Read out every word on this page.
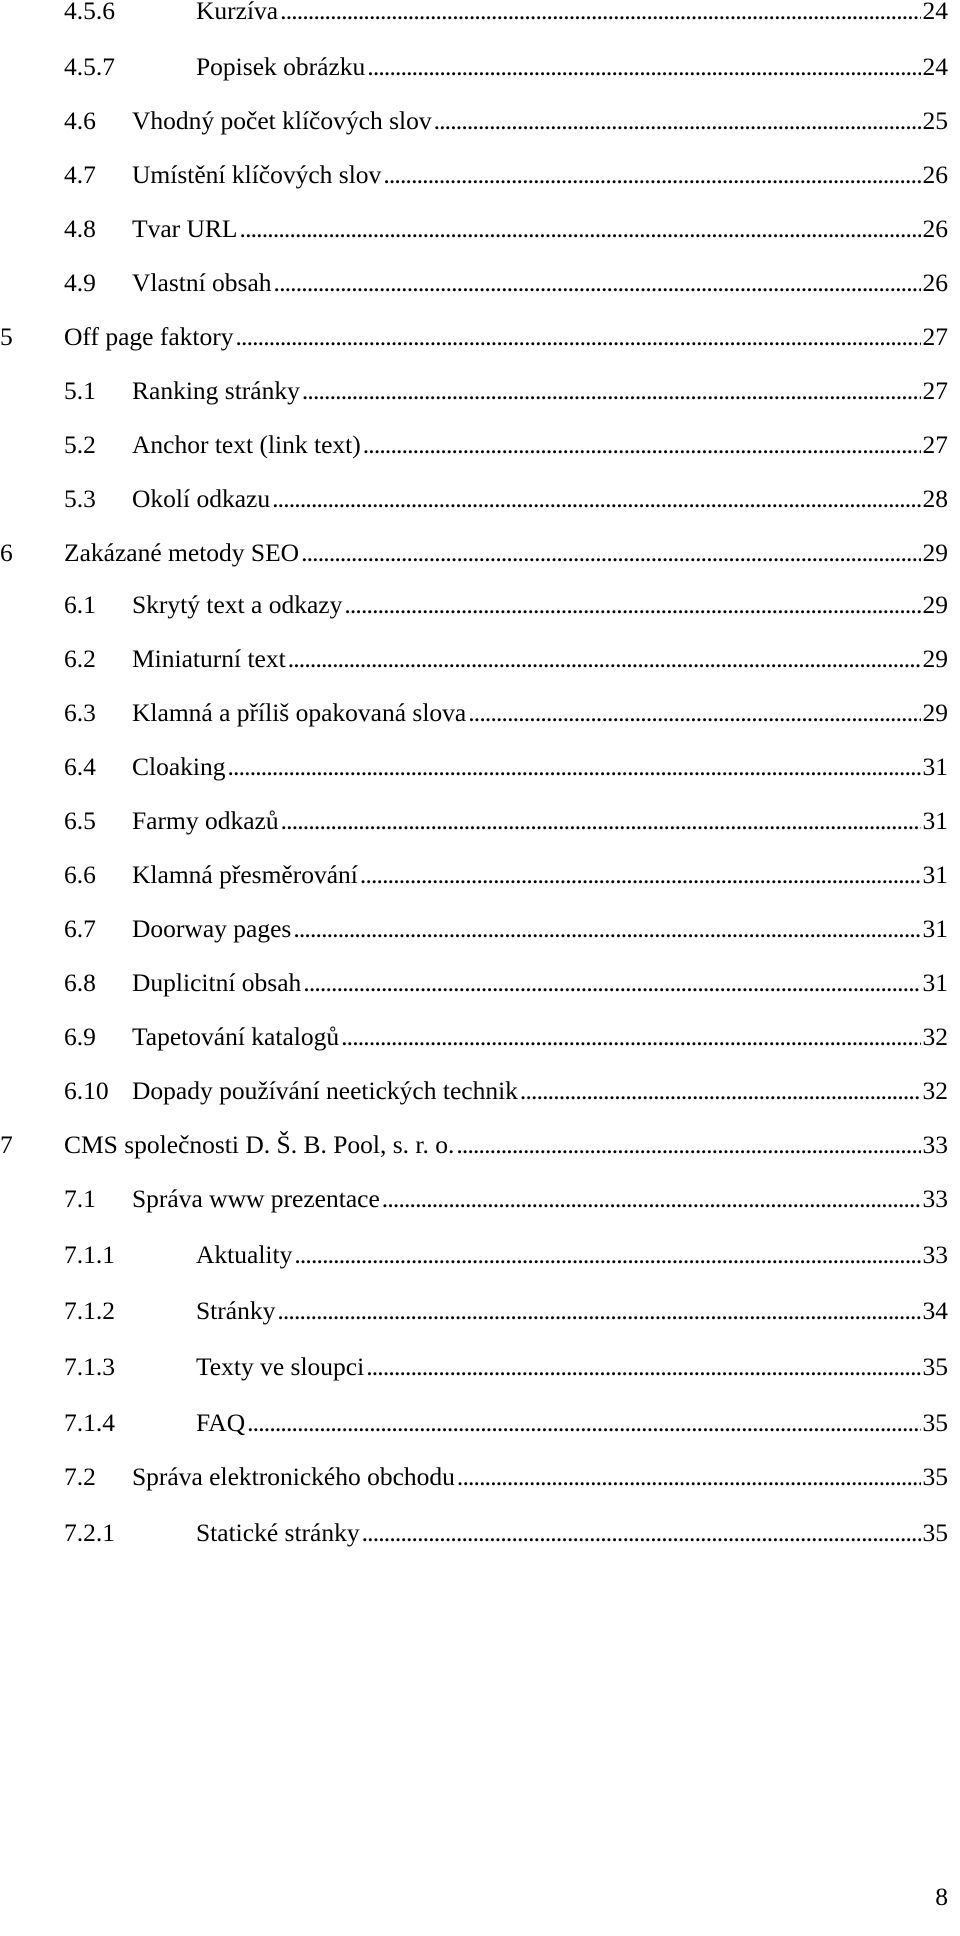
4.5.6	Kurzíva . . .	24
4.5.7	Popisek obrázku . . .	24
4.6	Vhodný počet klíčových slov . . .	25
4.7	Umístění klíčových slov . . .	26
4.8	Tvar URL . . .	26
4.9	Vlastní obsah . . .	26
5	Off page faktory . . .	27
5.1	Ranking stránky . . .	27
5.2	Anchor text (link text) . . .	27
5.3	Okolí odkazu . . .	28
6	Zakázané metody SEO . . .	29
6.1	Skrytý text a odkazy . . .	29
6.2	Miniaturní text . . .	29
6.3	Klamná a příliš opakovaná slova . . .	29
6.4	Cloaking . . .	31
6.5	Farmy odkazů . . .	31
6.6	Klamná přesměrování . . .	31
6.7	Doorway pages . . .	31
6.8	Duplicitní obsah . . .	31
6.9	Tapetování katalogů . . .	32
6.10 Dopady používání neetických technik . . .	32
7	CMS společnosti D. Š. B. Pool, s. r. o. . . .	33
7.1	Správa www prezentace . . .	33
7.1.1	Aktuality . . .	33
7.1.2	Stránky . . .	34
7.1.3	Texty ve sloupci . . .	35
7.1.4	FAQ . . .	35
7.2	Správa elektronického obchodu . . .	35
7.2.1	Statické stránky . . .	35
8
